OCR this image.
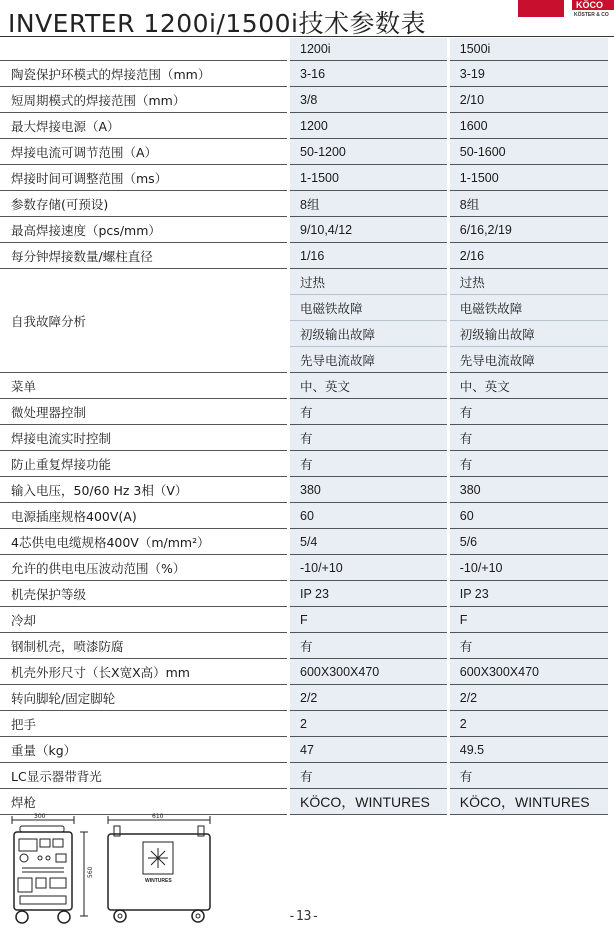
INVERTER 1200i/1500i技术参数表	WINTURES
KÖCO
KÖSTER & CO
	1200i	1500i
陶瓷保护环模式的焊接范围（mm）	3-16	3-19
短周期模式的焊接范围（mm）	3/8	2/10
最大焊接电源（A）	1200	1600
焊接电流可调节范围（A）	50-1200	50-1600
焊接时间可调整范围（ms）	1-1500	1-1500
参数存储(可预设)	8组	8组
最高焊接速度（pcs/mm）	9/10,4/12	6/16,2/19
每分钟焊接数量/螺柱直径	1/16	2/16
自我故障分析	过热	过热
	电磁铁故障	电磁铁故障
	初级输出故障	初级输出故障
	先导电流故障	先导电流故障
菜单	中、英文	中、英文
微处理器控制	有	有
焊接电流实时控制	有	有
防止重复焊接功能	有	有
输入电压，50/60 Hz 3相（V）	380	380
电源插座规格400V(A)	60	60
4芯供电电缆规格400V（m/mm²）	5/4	5/6
允许的供电电压波动范围（%）	-10/+10	-10/+10
机壳保护等级	IP 23	IP 23
冷却	F	F
钢制机壳，喷漆防腐	有	有
机壳外形尺寸（长X宽X高）mm	600X300X470	600X300X470
转向脚轮/固定脚轮	2/2	2/2
把手	2	2
重量（kg）	47	49.5
LC显示器带背光	有	有
焊枪	KÖCO，WINTURES	KÖCO，WINTURES
300
560
610
WINTURES
-13-
